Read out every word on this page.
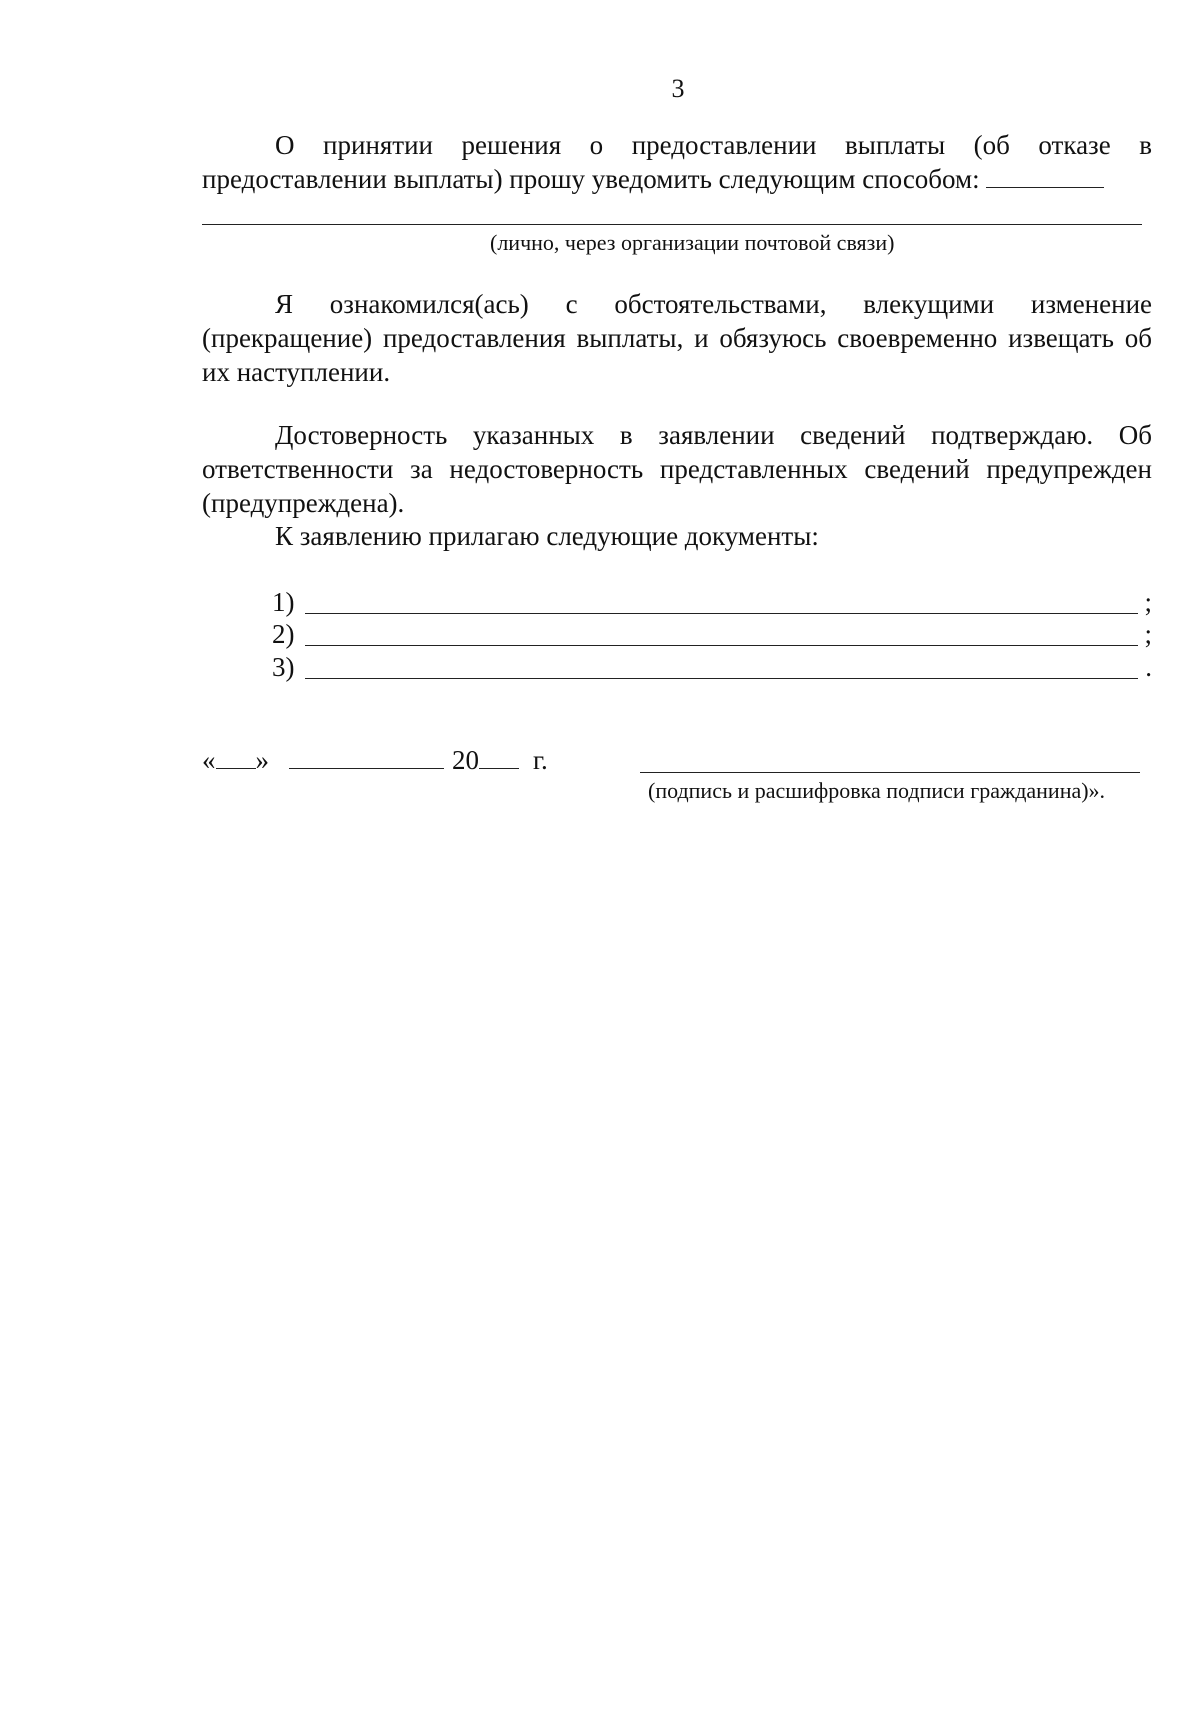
3
О принятии решения о предоставлении выплаты (об отказе в предоставлении выплаты) прошу уведомить следующим способом:
(лично, через организации почтовой связи)
Я ознакомился(ась) с обстоятельствами, влекущими изменение (прекращение) предоставления выплаты, и обязуюсь своевременно извещать об их наступлении.
Достоверность указанных в заявлении сведений подтверждаю. Об ответственности за недостоверность представленных сведений предупрежден (предупреждена).
К заявлению прилагаю следующие документы:
1)	;
2)	;
3)	.
« »	20 г.
(подпись и расшифровка подписи гражданина)».
